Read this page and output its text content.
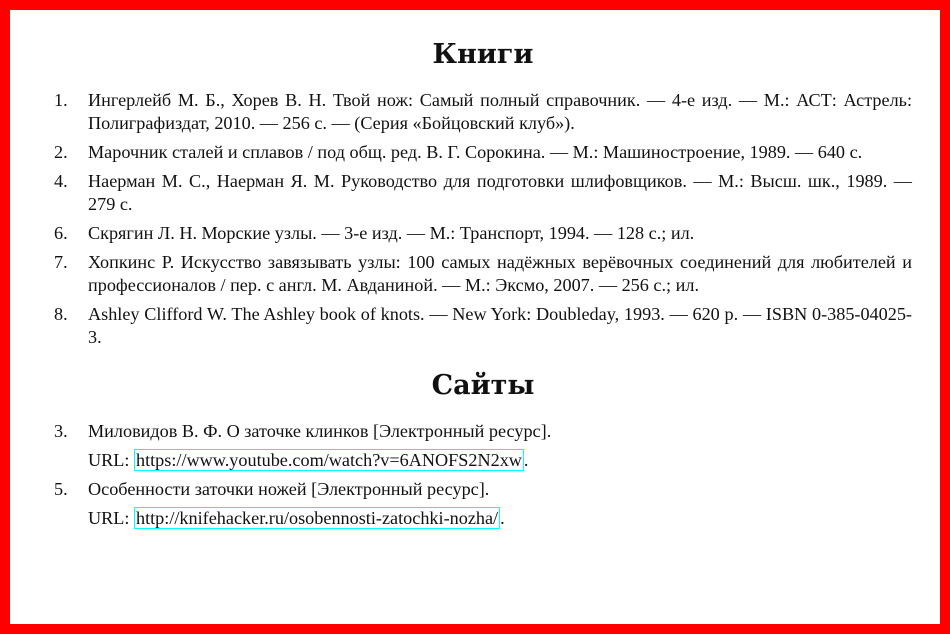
Книги
1. Ингерлейб М. Б., Хорев В. Н. Твой нож: Самый полный справочник. — 4-е изд. — М.: АСТ: Астрель: Полиграфиздат, 2010. — 256 с. — (Серия «Бойцовский клуб»).
2. Марочник сталей и сплавов / под общ. ред. В. Г. Сорокина. — М.: Машиностроение, 1989. — 640 с.
4. Наерман М. С., Наерман Я. М. Руководство для подготовки шлифовщиков. — М.: Высш. шк., 1989. — 279 с.
6. Скрягин Л. Н. Морские узлы. — 3-е изд. — М.: Транспорт, 1994. — 128 с.; ил.
7. Хопкинс Р. Искусство завязывать узлы: 100 самых надёжных верёвочных соединений для любителей и профессионалов / пер. с англ. М. Авданиной. — М.: Эксмо, 2007. — 256 с.; ил.
8. Ashley Clifford W. The Ashley book of knots. — New York: Doubleday, 1993. — 620 p. — ISBN 0-385-04025-3.
Сайты
3. Миловидов В. Ф. О заточке клинков [Электронный ресурс].
URL: https://www.youtube.com/watch?v=6ANOFS2N2xw .
5. Особенности заточки ножей [Электронный ресурс].
URL: http://knifehacker.ru/osobennosti-zatochki-nozha/ .
